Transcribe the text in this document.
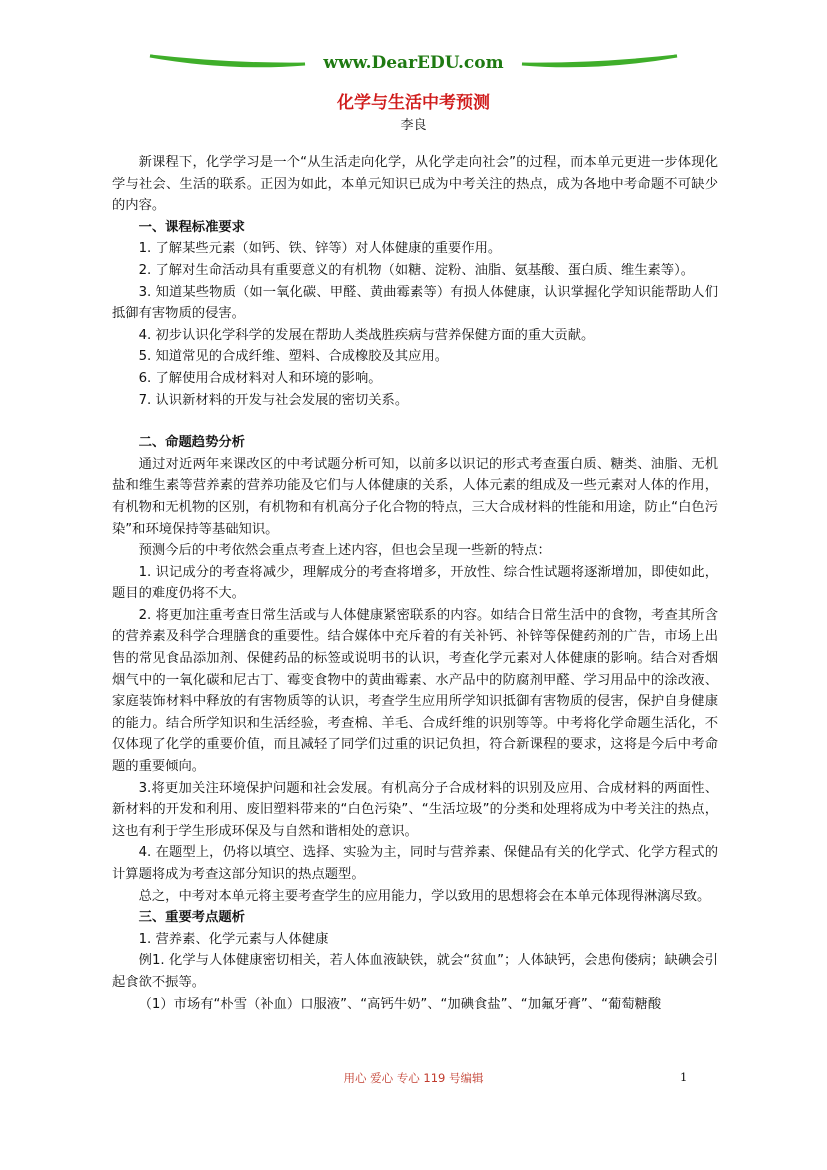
www.DearEDU.com
化学与生活中考预测
李良

新课程下，化学学习是一个“从生活走向化学，从化学走向社会”的过程，而本单元更进一步体现化学与社会、生活的联系。正因为如此，本单元知识已成为中考关注的热点，成为各地中考命题不可缺少的内容。

一、课程标准要求

1. 了解某些元素（如钙、铁、锌等）对人体健康的重要作用。

2. 了解对生命活动具有重要意义的有机物（如糖、淀粉、油脂、氨基酸、蛋白质、维生素等）。

3. 知道某些物质（如一氧化碳、甲醛、黄曲霉素等）有损人体健康，认识掌握化学知识能帮助人们抵御有害物质的侵害。

4. 初步认识化学科学的发展在帮助人类战胜疾病与营养保健方面的重大贡献。

5. 知道常见的合成纤维、塑料、合成橡胶及其应用。

6. 了解使用合成材料对人和环境的影响。

7. 认识新材料的开发与社会发展的密切关系。

二、命题趋势分析

通过对近两年来课改区的中考试题分析可知，以前多以识记的形式考查蛋白质、糖类、油脂、无机盐和维生素等营养素的营养功能及它们与人体健康的关系，人体元素的组成及一些元素对人体的作用，有机物和无机物的区别，有机物和有机高分子化合物的特点，三大合成材料的性能和用途，防止“白色污染”和环境保持等基础知识。

预测今后的中考依然会重点考查上述内容，但也会呈现一些新的特点：

1. 识记成分的考查将减少，理解成分的考查将增多，开放性、综合性试题将逐渐增加，即使如此，题目的难度仍将不大。

2. 将更加注重考查日常生活或与人体健康紧密联系的内容。如结合日常生活中的食物，考查其所含的营养素及科学合理膳食的重要性。结合媒体中充斥着的有关补钙、补锌等保健药剂的广告，市场上出售的常见食品添加剂、保健药品的标签或说明书的认识，考查化学元素对人体健康的影响。结合对香烟烟气中的一氧化碳和尼古丁、霉变食物中的黄曲霉素、水产品中的防腐剂甲醛、学习用品中的涂改液、家庭装饰材料中释放的有害物质等的认识，考查学生应用所学知识抵御有害物质的侵害，保护自身健康的能力。结合所学知识和生活经验，考查棉、羊毛、合成纤维的识别等等。中考将化学命题生活化，不仅体现了化学的重要价值，而且减轻了同学们过重的识记负担，符合新课程的要求，这将是今后中考命题的重要倾向。

3.将更加关注环境保护问题和社会发展。有机高分子合成材料的识别及应用、合成材料的两面性、新材料的开发和利用、废旧塑料带来的“白色污染”、“生活垃圾”的分类和处理将成为中考关注的热点，这也有利于学生形成环保及与自然和谐相处的意识。

4. 在题型上，仍将以填空、选择、实验为主，同时与营养素、保健品有关的化学式、化学方程式的计算题将成为考查这部分知识的热点题型。

总之，中考对本单元将主要考查学生的应用能力，学以致用的思想将会在本单元体现得淋漓尽致。

三、重要考点题析

1. 营养素、化学元素与人体健康

例1. 化学与人体健康密切相关，若人体血液缺铁，就会“贫血”；人体缺钙，会患佝偻病；缺碘会引起食欲不振等。

（1）市场有“朴雪（补血）口服液”、“高钙牛奶”、“加碘食盐”、“加氟牙膏”、“葡萄糖酸

用心 爱心 专心 119 号编辑	1
